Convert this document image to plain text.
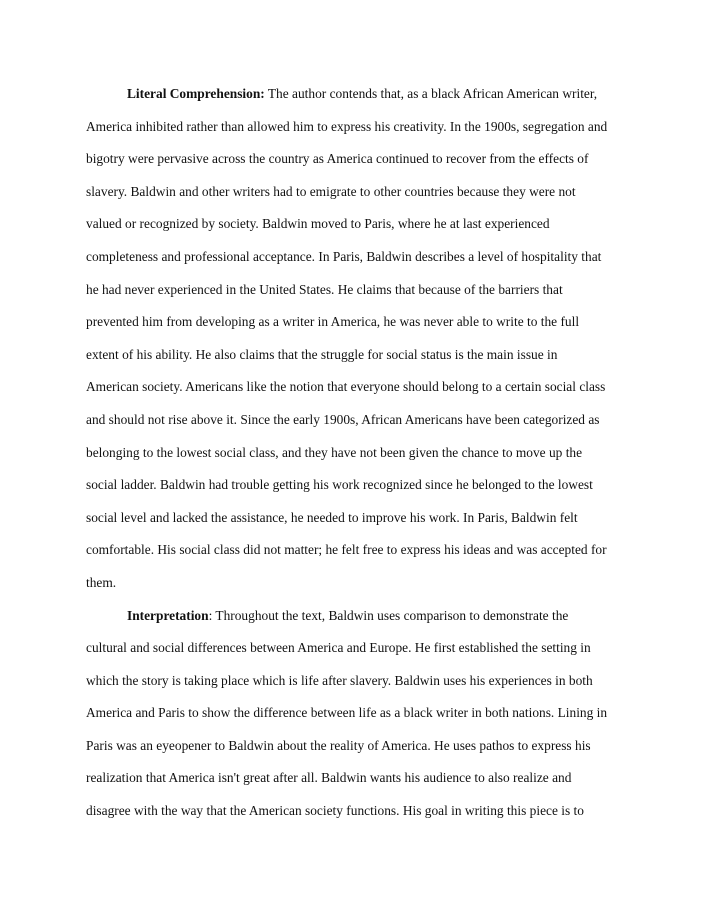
Literal Comprehension: The author contends that, as a black African American writer,
America inhibited rather than allowed him to express his creativity. In the 1900s, segregation and
bigotry were pervasive across the country as America continued to recover from the effects of
slavery. Baldwin and other writers had to emigrate to other countries because they were not
valued or recognized by society. Baldwin moved to Paris, where he at last experienced
completeness and professional acceptance. In Paris, Baldwin describes a level of hospitality that
he had never experienced in the United States. He claims that because of the barriers that
prevented him from developing as a writer in America, he was never able to write to the full
extent of his ability. He also claims that the struggle for social status is the main issue in
American society. Americans like the notion that everyone should belong to a certain social class
and should not rise above it. Since the early 1900s, African Americans have been categorized as
belonging to the lowest social class, and they have not been given the chance to move up the
social ladder. Baldwin had trouble getting his work recognized since he belonged to the lowest
social level and lacked the assistance, he needed to improve his work. In Paris, Baldwin felt
comfortable. His social class did not matter; he felt free to express his ideas and was accepted for
them.
Interpretation: Throughout the text, Baldwin uses comparison to demonstrate the
cultural and social differences between America and Europe. He first established the setting in
which the story is taking place which is life after slavery. Baldwin uses his experiences in both
America and Paris to show the difference between life as a black writer in both nations. Lining in
Paris was an eyeopener to Baldwin about the reality of America. He uses pathos to express his
realization that America isn't great after all. Baldwin wants his audience to also realize and
disagree with the way that the American society functions. His goal in writing this piece is to
